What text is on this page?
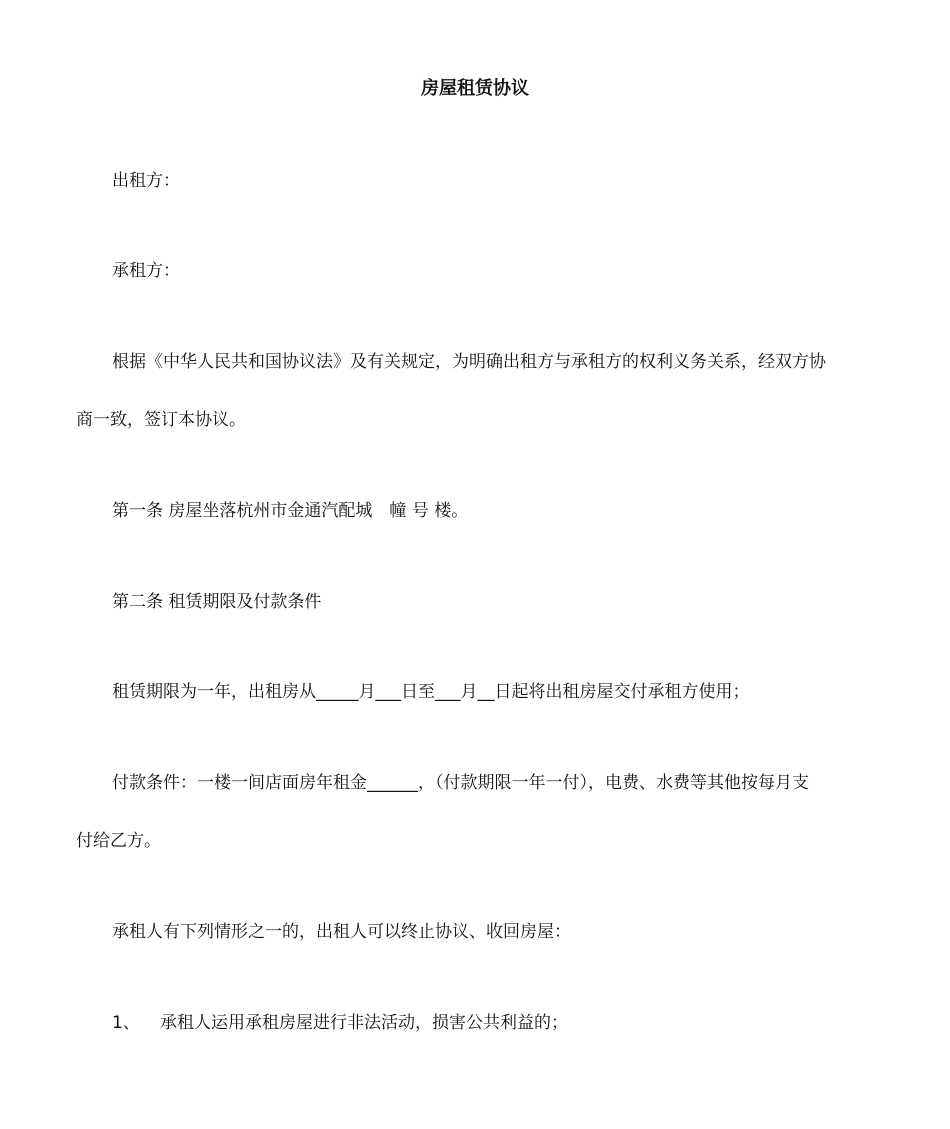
房屋租赁协议
出租方：
承租方：
根据《中华人民共和国协议法》及有关规定，为明确出租方与承租方的权利义务关系，经双方协
商一致，签订本协议。
第一条 房屋坐落杭州市金通汽配城　幢 号 楼。
第二条 租赁期限及付款条件
租赁期限为一年，出租房从_____月___日至___月__日起将出租房屋交付承租方使用；
付款条件：一楼一间店面房年租金______，（付款期限一年一付），电费、水费等其他按每月支
付给乙方。
承租人有下列情形之一的，出租人可以终止协议、收回房屋：
1、 承租人运用承租房屋进行非法活动，损害公共利益的；
